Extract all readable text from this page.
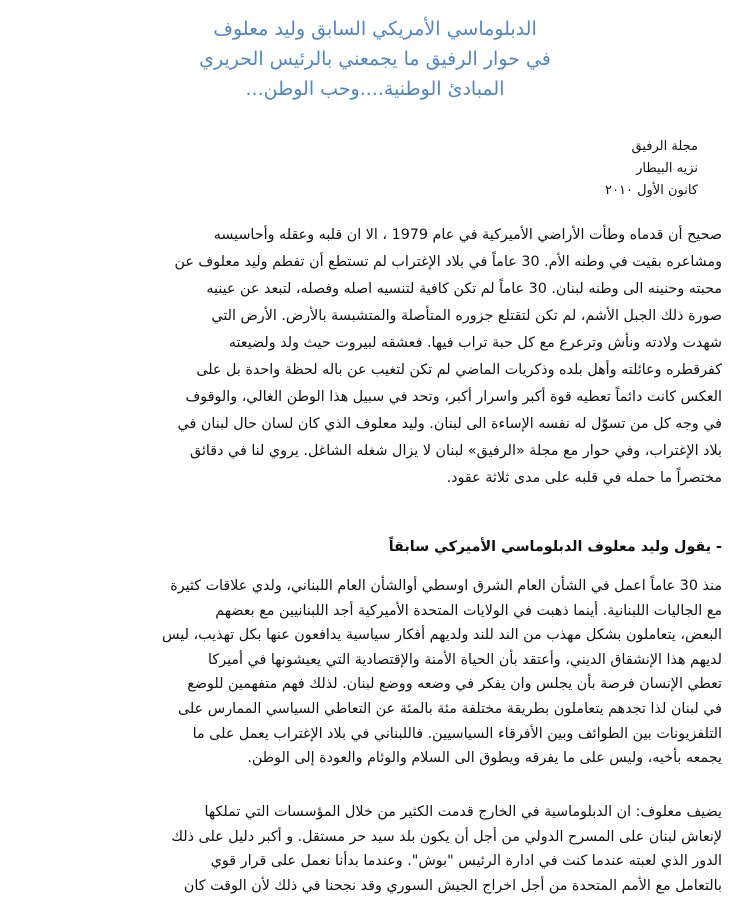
الدبلوماسي الأمريكي السابق وليد معلوف
في حوار الرفيق ما يجمعني بالرئيس الحريري
المبادئ الوطنية....وحب الوطن...
مجلة الرفيق
نزيه البيطار
كانون الأول ٢٠١٠
صحيح أن قدماه وطأت الأراضي الأميركية في عام 1979 ، الا ان قلبه وعقله وأحاسيسه
ومشاعره بقيت في وطنه الأم. 30 عاماً في بلاد الإغتراب لم تستطع أن تفطم وليد معلوف عن
محبته وحنينه الى وطنه لبنان. 30 عاماً لم تكن كافية لتنسيه اصله وفصله، لتبعد عن عينيه
صورة ذلك الجبل الأشم، لم تكن لتقتلع جزوره المتأصلة والمتشبسة بالأرض. الأرض التي
شهدت ولادته ونأش وترعرع مع كل حبة تراب فيها. فعشقه لبيروت حيث ولد ولضيعته
كفرقطره وعائلته وأهل بلده وذكريات الماضي لم تكن لتغيب عن باله لحظة واحدة بل على
العكس كانت دائماً تعطيه قوة أكبر واسرار أكبر، وتحد في سبيل هذا الوطن الغالي، والوقوف
في وجه كل من تسوّل له نفسه الإساءة الى لبنان. وليد معلوف الذي كان لسان حال لبنان في
بلاد الإغتراب، وفي حوار مع مجلة «الرفيق» لبنان لا يزال شغله الشاغل. يروي لنا في دقائق
مختصراً ما حمله في قلبه على مدى ثلاثة عقود.
- يقول وليد معلوف الدبلوماسي الأميركي سابقاً
منذ 30 عاماً اعمل في الشأن العام الشرق اوسطي أوالشأن العام اللبناني، ولدي علاقات كثيرة
مع الجاليات اللبنانية. أينما ذهبت في الولايات المتحدة الأميركية أجد اللبنانيين مع بعضهم
البعض، يتعاملون بشكل مهذب من الند للند ولديهم أفكار سياسية يدافعون عنها بكل تهذيب، ليس
لديهم هذا الإنشقاق الديني، وأعتقد بأن الحياة الأمنة والإقتصادية التي يعيشونها في أميركا
تعطي الإنسان فرصة بأن يجلس وان يفكر في وضعه ووضع لبنان. لذلك فهم متفهمين للوضع
في لبنان لذا تجدهم يتعاملون بطريقة مختلفة مئة بالمئة عن التعاطي السياسي الممارس على
التلفزيونات بين الطوائف وبين الأفرقاء السياسيين. فاللبناني في بلاد الإغتراب يعمل على ما
يجمعه بأخيه، وليس على ما يفرقه ويطوق الى السلام والوئام والعودة إلى الوطن.
يضيف معلوف: ان الدبلوماسية في الخارج قدمت الكثير من خلال المؤسسات التي تملكها
لإنعاش لبنان على المسرح الدولي من أجل أن يكون بلد سيد حر مستقل. و أكبر دليل على ذلك
الدور الذي لعبته عندما كنت في ادارة الرئيس "بوش". وعندما بدأنا نعمل على قرار قوي
بالتعامل مع الأمم المتحدة من أجل اخراج الجيش السوري وقد نجحنا في ذلك لأن الوقت كان
